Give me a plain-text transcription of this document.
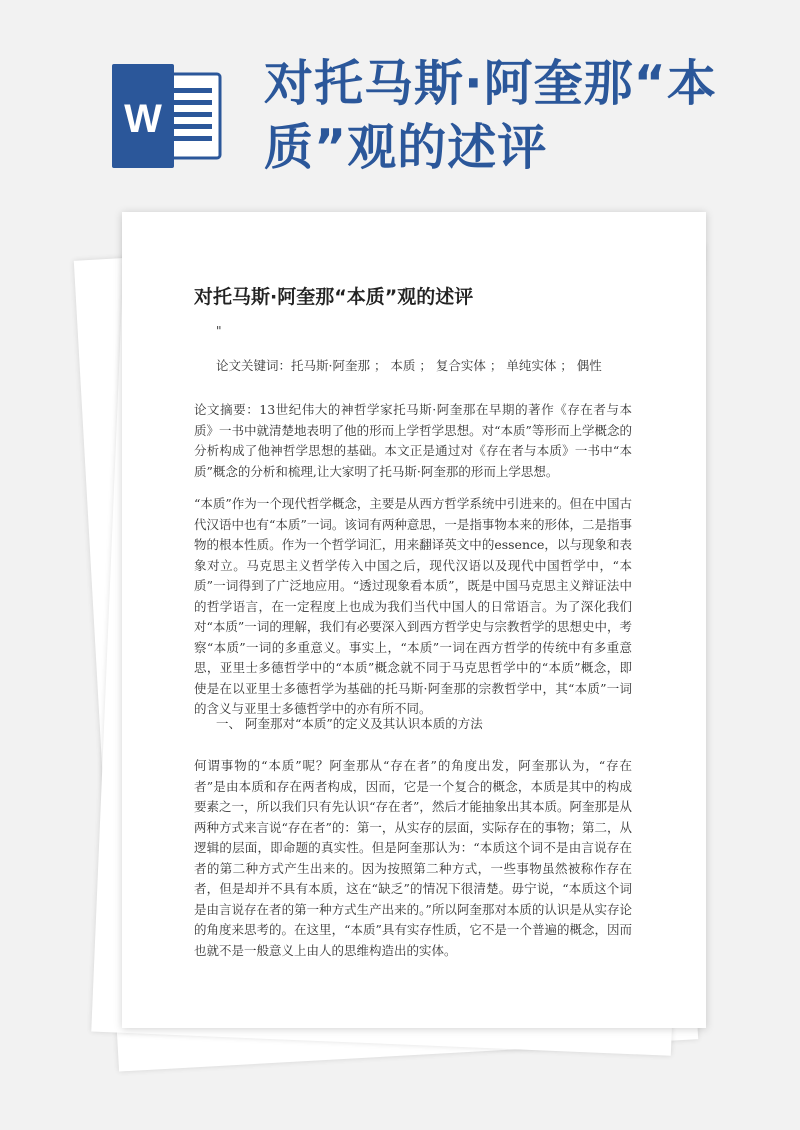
W
对托马斯·阿奎那“本质”观的述评
对托马斯·阿奎那“本质”观的述评
"
论文关键词：托马斯·阿奎那 ； 本质 ； 复合实体 ； 单纯实体 ； 偶性

论文摘要：13世纪伟大的神哲学家托马斯·阿奎那在早期的著作《存在者与本质》一书中就清楚地表明了他的形而上学哲学思想。对“本质”等形而上学概念的分析构成了他神哲学思想的基础。本文正是通过对《存在者与本质》一书中“本质”概念的分析和梳理,让大家明了托马斯·阿奎那的形而上学思想。

“本质”作为一个现代哲学概念，主要是从西方哲学系统中引进来的。但在中国古代汉语中也有“本质”一词。该词有两种意思，一是指事物本来的形体，二是指事物的根本性质。作为一个哲学词汇，用来翻译英文中的essence，以与现象和表象对立。马克思主义哲学传入中国之后，现代汉语以及现代中国哲学中，“本质”一词得到了广泛地应用。“透过现象看本质”，既是中国马克思主义辩证法中的哲学语言，在一定程度上也成为我们当代中国人的日常语言。为了深化我们对“本质”一词的理解，我们有必要深入到西方哲学史与宗教哲学的思想史中，考察“本质”一词的多重意义。事实上，“本质”一词在西方哲学的传统中有多重意思，亚里士多德哲学中的“本质”概念就不同于马克思哲学中的“本质”概念，即使是在以亚里士多德哲学为基础的托马斯·阿奎那的宗教哲学中，其“本质”一词的含义与亚里士多德哲学中的亦有所不同。

一、 阿奎那对“本质”的定义及其认识本质的方法

何谓事物的“本质”呢？阿奎那从“存在者”的角度出发，阿奎那认为，“存在者”是由本质和存在两者构成，因而，它是一个复合的概念，本质是其中的构成要素之一，所以我们只有先认识“存在者”，然后才能抽象出其本质。阿奎那是从两种方式来言说“存在者”的：第一，从实存的层面，实际存在的事物；第二，从逻辑的层面，即命题的真实性。但是阿奎那认为：“本质这个词不是由言说存在者的第二种方式产生出来的。因为按照第二种方式，一些事物虽然被称作存在者，但是却并不具有本质，这在“缺乏”的情况下很清楚。毋宁说，“本质这个词是由言说存在者的第一种方式生产出来的。”所以阿奎那对本质的认识是从实存论的角度来思考的。在这里，“本质”具有实存性质，它不是一个普遍的概念，因而也就不是一般意义上由人的思维构造出的实体。
